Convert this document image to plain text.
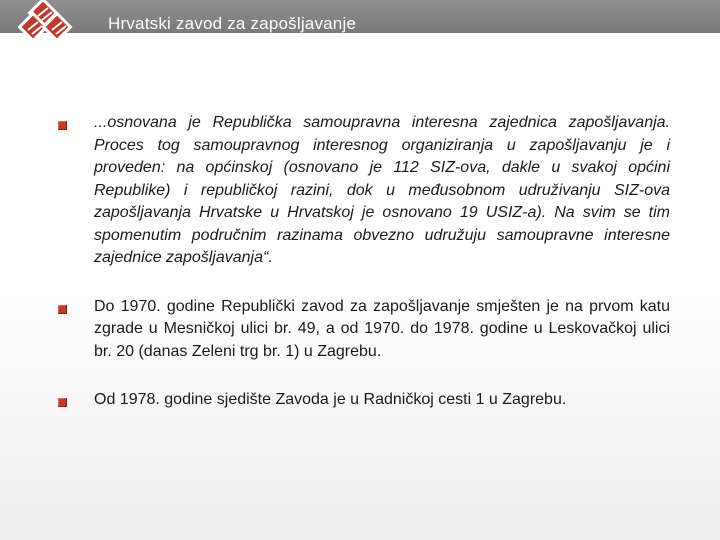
Hrvatski zavod za zapošljavanje
...osnovana je Republička samoupravna interesna zajednica zapošljavanja. Proces tog samoupravnog interesnog organiziranja u zapošljavanju je i proveden: na općinskoj (osnovano je 112 SIZ-ova, dakle u svakoj općini Republike) i republičkoj razini, dok u međusobnom udruživanju SIZ-ova zapošljavanja Hrvatske u Hrvatskoj je osnovano 19 USIZ-a). Na svim se tim spomenutim područnim razinama obvezno udružuju samoupravne interesne zajednice zapošljavanja“.
Do 1970. godine Republički zavod za zapošljavanje smješten je na prvom katu zgrade u Mesničkoj ulici br. 49, a od 1970. do 1978. godine u Leskovačkoj ulici br. 20 (danas Zeleni trg br. 1) u Zagrebu.
Od 1978. godine sjedište Zavoda je u Radničkoj cesti 1 u Zagrebu.
